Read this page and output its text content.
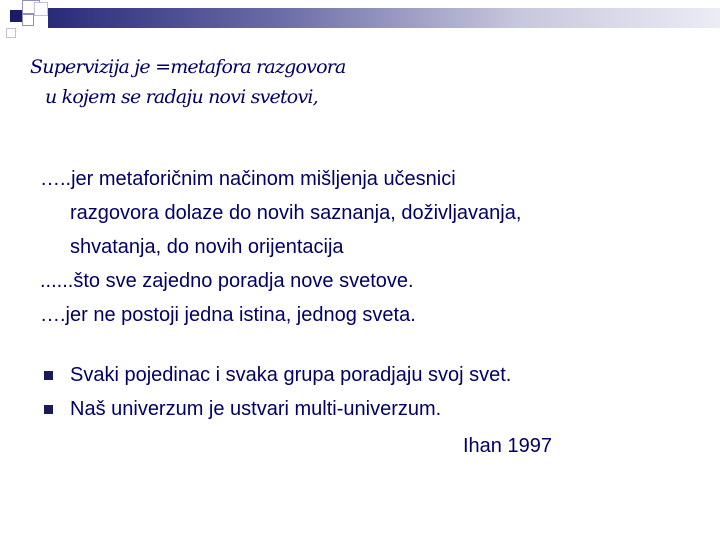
Supervizija je =metafora razgovora
u kojem se radaju novi svetovi,
…..jer metaforičnim načinom mišljenja učesnici
razgovora dolaze do novih saznanja, doživljavanja,
shvatanja, do novih orijentacija
......što sve zajedno poradja nove svetove.
….jer ne postoji jedna istina, jednog sveta.
Svaki pojedinac i svaka grupa poradjaju svoj svet.
Naš univerzum je ustvari multi-univerzum.
Ihan 1997
